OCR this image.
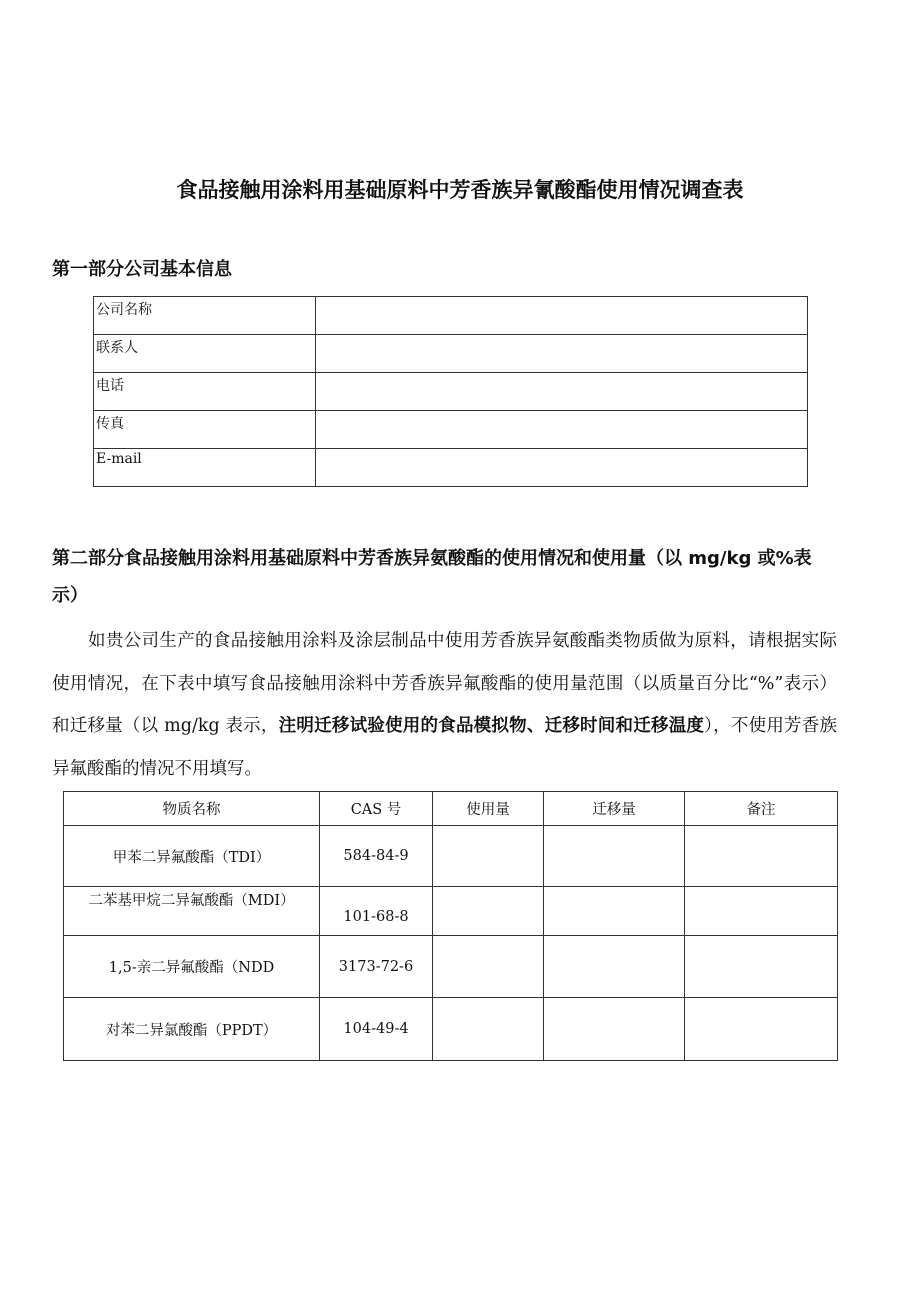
食品接触用涂料用基础原料中芳香族异氰酸酯使用情况调查表
第一部分公司基本信息
公司名称	
联系人	
电话	
传真	
E-mail	
第二部分食品接触用涂料用基础原料中芳香族异氨酸酯的使用情况和使用量（以 mg/kg 或%表示）
如贵公司生产的食品接触用涂料及涂层制品中使用芳香族异氨酸酯类物质做为原料，请根据实际使用情况，在下表中填写食品接触用涂料中芳香族异氟酸酯的使用量范围（以质量百分比“%”表示）和迁移量（以 mg/kg 表示，注明迁移试验使用的食品模拟物、迁移时间和迁移温度），不使用芳香族异氟酸酯的情况不用填写。
物质名称	CAS 号	使用量	迁移量	备注
甲苯二异氟酸酯（TDI）	584-84-9			
二苯基甲烷二异氟酸酯（MDI）	101-68-8			
1,5-亲二异氟酸酯（NDD	3173-72-6			
对苯二异氯酸酯（PPDT）	104-49-4			
